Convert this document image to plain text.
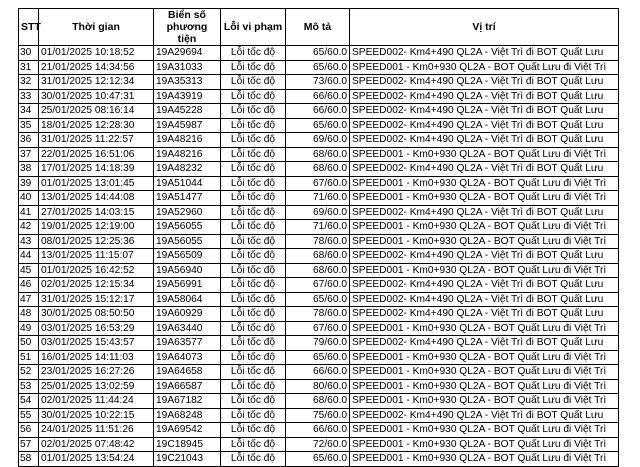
STT	Thời gian	Biển số phương tiện	Lỗi vi phạm	Mô tả	Vị trí
30	01/01/2025 10:18:52	19A29694	Lỗi tốc độ	65/60.0	SPEED002- Km4+490 QL2A - Việt Trì đi BOT Quất Lưu
31	21/01/2025 14:34:56	19A31033	Lỗi tốc độ	65/60.0	SPEED001 - Km0+930 QL2A - BOT Quất Lưu đi Việt Trì
32	31/01/2025 12:12:34	19A35313	Lỗi tốc độ	73/60.0	SPEED002- Km4+490 QL2A - Việt Trì đi BOT Quất Lưu
33	30/01/2025 10:47:31	19A43919	Lỗi tốc độ	66/60.0	SPEED002- Km4+490 QL2A - Việt Trì đi BOT Quất Lưu
34	25/01/2025 08:16:14	19A45228	Lỗi tốc độ	66/60.0	SPEED002- Km4+490 QL2A - Việt Trì đi BOT Quất Lưu
35	18/01/2025 12:28:30	19A45987	Lỗi tốc độ	65/60.0	SPEED002- Km4+490 QL2A - Việt Trì đi BOT Quất Lưu
36	31/01/2025 11:22:57	19A48216	Lỗi tốc độ	69/60.0	SPEED002- Km4+490 QL2A - Việt Trì đi BOT Quất Lưu
37	22/01/2025 16:51:06	19A48216	Lỗi tốc độ	68/60.0	SPEED001 - Km0+930 QL2A - BOT Quất Lưu đi Việt Trì
38	17/01/2025 14:18:39	19A48232	Lỗi tốc độ	68/60.0	SPEED002- Km4+490 QL2A - Việt Trì đi BOT Quất Lưu
39	01/01/2025 13:01:45	19A51044	Lỗi tốc độ	67/60.0	SPEED001 - Km0+930 QL2A - BOT Quất Lưu đi Việt Trì
40	13/01/2025 14:44:08	19A51477	Lỗi tốc độ	71/60.0	SPEED001 - Km0+930 QL2A - BOT Quất Lưu đi Việt Trì
41	27/01/2025 14:03:15	19A52960	Lỗi tốc độ	69/60.0	SPEED002- Km4+490 QL2A - Việt Trì đi BOT Quất Lưu
42	19/01/2025 12:19:00	19A56055	Lỗi tốc độ	71/60.0	SPEED001 - Km0+930 QL2A - BOT Quất Lưu đi Việt Trì
43	08/01/2025 12:25:36	19A56055	Lỗi tốc độ	78/60.0	SPEED001 - Km0+930 QL2A - BOT Quất Lưu đi Việt Trì
44	13/01/2025 11:15:07	19A56509	Lỗi tốc độ	68/60.0	SPEED002- Km4+490 QL2A - Việt Trì đi BOT Quất Lưu
45	01/01/2025 16:42:52	19A56940	Lỗi tốc độ	68/60.0	SPEED001 - Km0+930 QL2A - BOT Quất Lưu đi Việt Trì
46	02/01/2025 12:15:34	19A56991	Lỗi tốc độ	67/60.0	SPEED002- Km4+490 QL2A - Việt Trì đi BOT Quất Lưu
47	31/01/2025 15:12:17	19A58064	Lỗi tốc độ	65/60.0	SPEED002- Km4+490 QL2A - Việt Trì đi BOT Quất Lưu
48	30/01/2025 08:50:50	19A60929	Lỗi tốc độ	78/60.0	SPEED002- Km4+490 QL2A - Việt Trì đi BOT Quất Lưu
49	03/01/2025 16:53:29	19A63440	Lỗi tốc độ	67/60.0	SPEED001 - Km0+930 QL2A - BOT Quất Lưu đi Việt Trì
50	03/01/2025 15:43:57	19A63577	Lỗi tốc độ	79/60.0	SPEED002- Km4+490 QL2A - Việt Trì đi BOT Quất Lưu
51	16/01/2025 14:11:03	19A64073	Lỗi tốc độ	65/60.0	SPEED001 - Km0+930 QL2A - BOT Quất Lưu đi Việt Trì
52	23/01/2025 16:27:26	19A64658	Lỗi tốc độ	66/60.0	SPEED001 - Km0+930 QL2A - BOT Quất Lưu đi Việt Trì
53	25/01/2025 13:02:59	19A66587	Lỗi tốc độ	80/60.0	SPEED001 - Km0+930 QL2A - BOT Quất Lưu đi Việt Trì
54	02/01/2025 11:44:24	19A67182	Lỗi tốc độ	68/60.0	SPEED001 - Km0+930 QL2A - BOT Quất Lưu đi Việt Trì
55	30/01/2025 10:22:15	19A68248	Lỗi tốc độ	75/60.0	SPEED002- Km4+490 QL2A - Việt Trì đi BOT Quất Lưu
56	24/01/2025 11:51:26	19A69542	Lỗi tốc độ	66/60.0	SPEED001 - Km0+930 QL2A - BOT Quất Lưu đi Việt Trì
57	02/01/2025 07:48:42	19C18945	Lỗi tốc độ	72/60.0	SPEED001 - Km0+930 QL2A - BOT Quất Lưu đi Việt Trì
58	01/01/2025 13:54:24	19C21043	Lỗi tốc độ	65/60.0	SPEED001 - Km0+930 QL2A - BOT Quất Lưu đi Việt Trì
